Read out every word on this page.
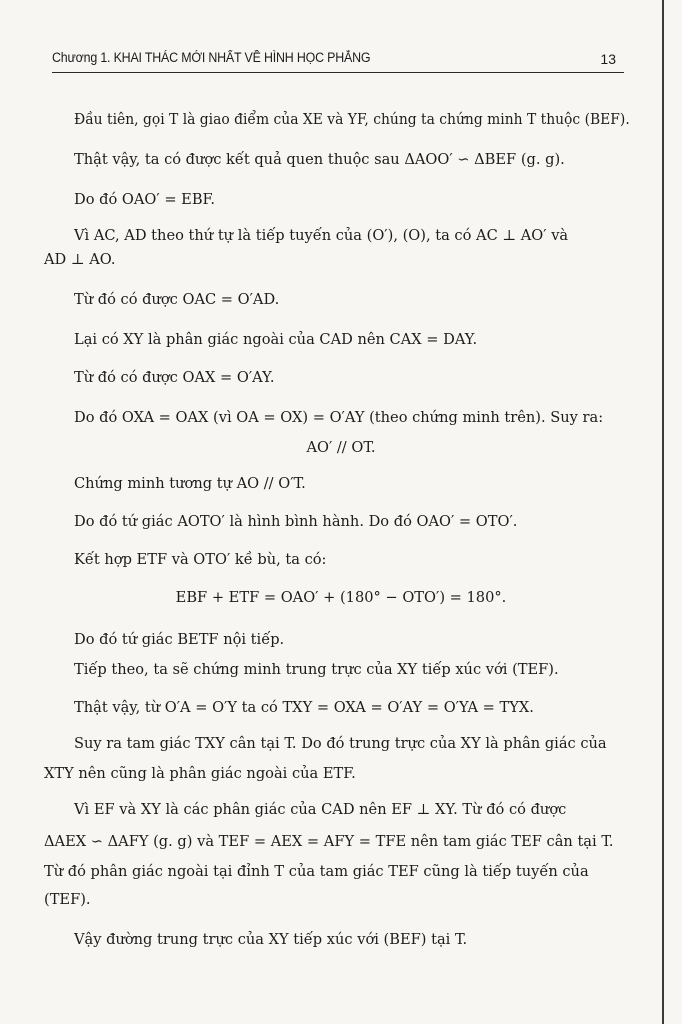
Chương 1. KHAI THÁC MỚI NHẤT VỀ HÌNH HỌC PHẲNG	13
Đầu tiên, gọi T là giao điểm của XE và YF, chúng ta chứng minh T thuộc (BEF).
Thật vậy, ta có được kết quả quen thuộc sau ΔAOO′ ∽ ΔBEF (g. g).
Do đó OAO′ = EBF.
Vì AC, AD theo thứ tự là tiếp tuyến của (O′), (O), ta có AC ⊥ AO′ và
AD ⊥ AO.
Từ đó có được OAC = O′AD.
Lại có XY là phân giác ngoài của CAD nên CAX = DAY.
Từ đó có được OAX = O′AY.
Do đó OXA = OAX (vì OA = OX) = O′AY (theo chứng minh trên). Suy ra:
AO′ // OT.
Chứng minh tương tự AO // O′T.
Do đó tứ giác AOTO′ là hình bình hành. Do đó OAO′ = OTO′.
Kết hợp ETF và OTO′ kề bù, ta có:
EBF + ETF = OAO′ + (180° − OTO′) = 180°.
Do đó tứ giác BETF nội tiếp.
Tiếp theo, ta sẽ chứng minh trung trực của XY tiếp xúc với (TEF).
Thật vậy, từ O′A = O′Y ta có TXY = OXA = O′AY = O′YA = TYX.
Suy ra tam giác TXY cân tại T. Do đó trung trực của XY là phân giác của
XTY nên cũng là phân giác ngoài của ETF.
Vì EF và XY là các phân giác của CAD nên EF ⊥ XY. Từ đó có được
ΔAEX ∽ ΔAFY (g. g) và TEF = AEX = AFY = TFE nên tam giác TEF cân tại T.
Từ đó phân giác ngoài tại đỉnh T của tam giác TEF cũng là tiếp tuyến của
(TEF).
Vậy đường trung trực của XY tiếp xúc với (BEF) tại T.
